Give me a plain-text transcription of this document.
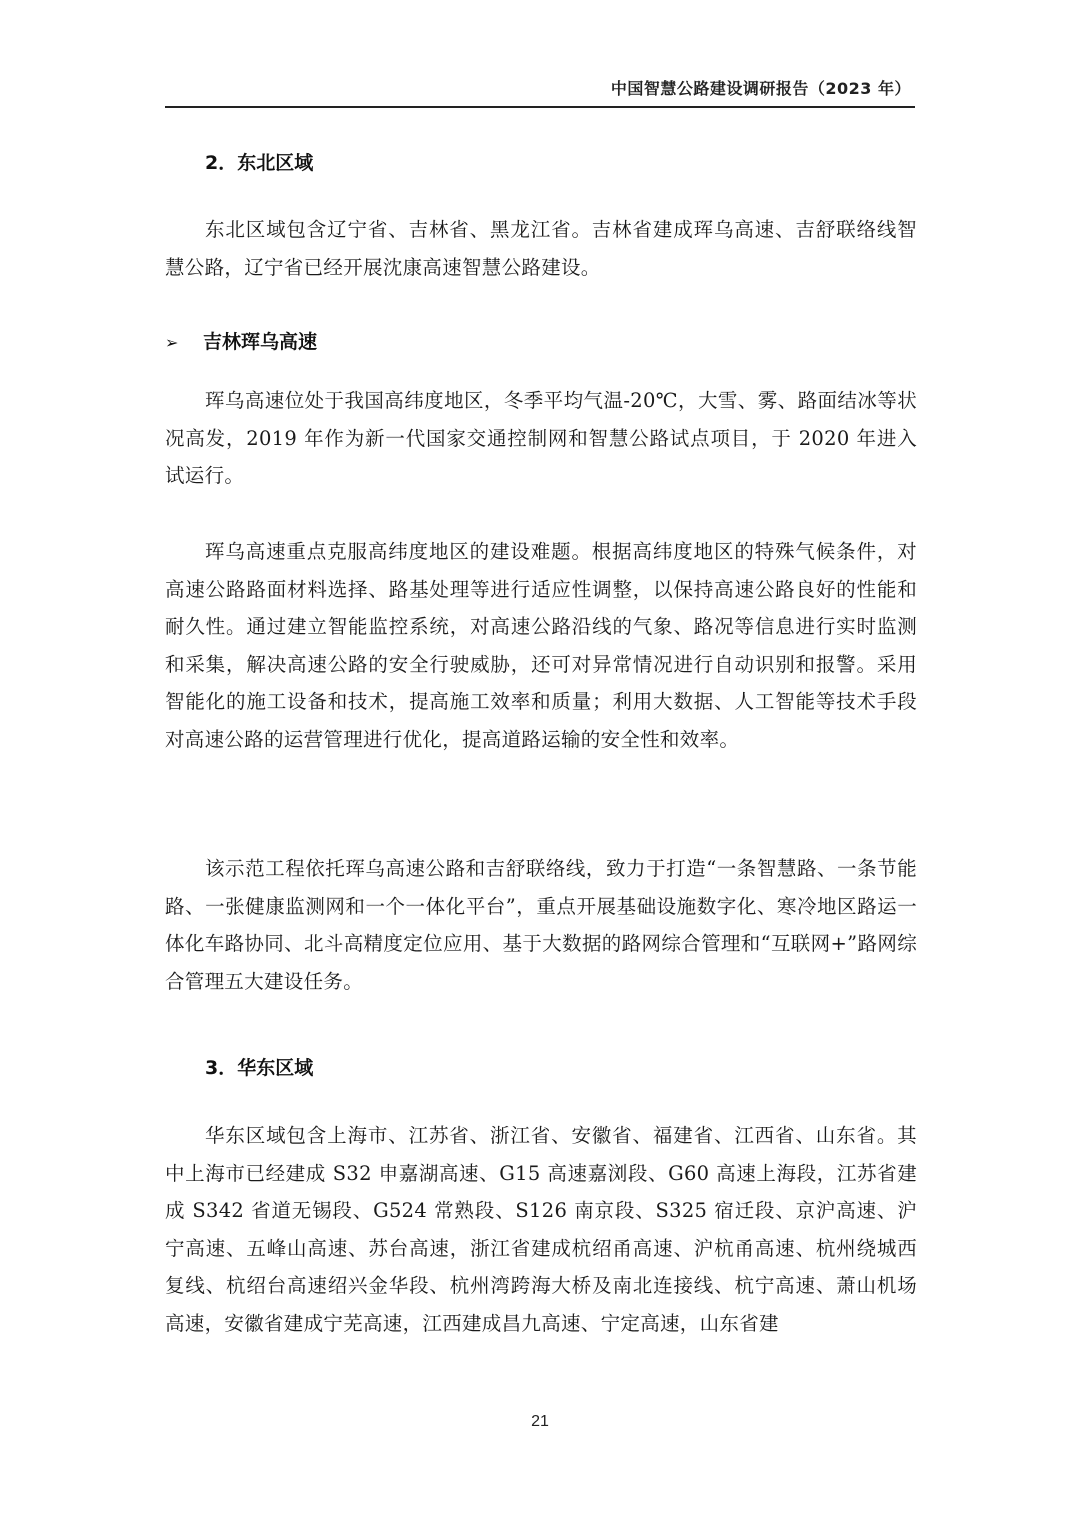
中国智慧公路建设调研报告（2023 年）
2．东北区域
东北区域包含辽宁省、吉林省、黑龙江省。吉林省建成珲乌高速、吉舒联络线智慧公路，辽宁省已经开展沈康高速智慧公路建设。
➢ 吉林珲乌高速
珲乌高速位处于我国高纬度地区，冬季平均气温-20℃，大雪、雾、路面结冰等状况高发，2019 年作为新一代国家交通控制网和智慧公路试点项目，于 2020 年进入试运行。
珲乌高速重点克服高纬度地区的建设难题。根据高纬度地区的特殊气候条件，对高速公路路面材料选择、路基处理等进行适应性调整，以保持高速公路良好的性能和耐久性。通过建立智能监控系统，对高速公路沿线的气象、路况等信息进行实时监测和采集，解决高速公路的安全行驶威胁，还可对异常情况进行自动识别和报警。采用智能化的施工设备和技术，提高施工效率和质量；利用大数据、人工智能等技术手段对高速公路的运营管理进行优化，提高道路运输的安全性和效率。
该示范工程依托珲乌高速公路和吉舒联络线，致力于打造“一条智慧路、一条节能路、一张健康监测网和一个一体化平台”，重点开展基础设施数字化、寒冷地区路运一体化车路协同、北斗高精度定位应用、基于大数据的路网综合管理和“互联网+”路网综合管理五大建设任务。
3．华东区域
华东区域包含上海市、江苏省、浙江省、安徽省、福建省、江西省、山东省。其中上海市已经建成 S32 申嘉湖高速、G15 高速嘉浏段、G60 高速上海段，江苏省建成 S342 省道无锡段、G524 常熟段、S126 南京段、S325 宿迁段、京沪高速、沪宁高速、五峰山高速、苏台高速，浙江省建成杭绍甬高速、沪杭甬高速、杭州绕城西复线、杭绍台高速绍兴金华段、杭州湾跨海大桥及南北连接线、杭宁高速、萧山机场高速，安徽省建成宁芜高速，江西建成昌九高速、宁定高速，山东省建
21
